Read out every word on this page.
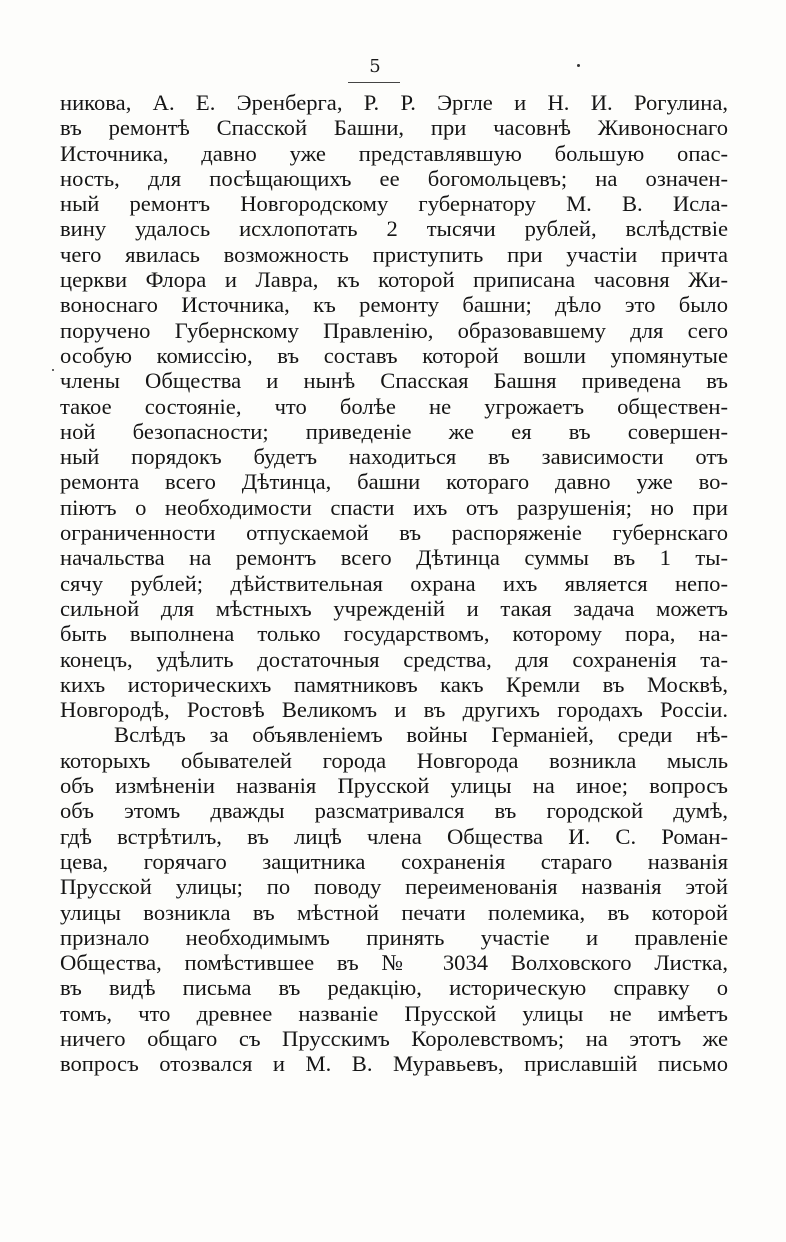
5
никова, А. Е. Эренберга, Р. Р. Эргле и Н. И. Рогулина,
въ ремонтѣ Спасской Башни, при часовнѣ Живоноснаго
Источника, давно уже представлявшую большую опас-
ность, для посѣщающихъ ее богомольцевъ; на означен-
ный ремонтъ Новгородскому губернатору М. В. Исла-
вину удалось исхлопотать 2 тысячи рублей, вслѣдствіе
чего явилась возможность приступить при участіи причта
церкви Флора и Лавра, къ которой приписана часовня Жи-
воноснаго Источника, къ ремонту башни; дѣло это было
поручено Губернскому Правленію, образовавшему для сего
особую комиссію, въ составъ которой вошли упомянутые
члены Общества и нынѣ Спасская Башня приведена въ
такое состояніе, что болѣе не угрожаетъ обществен-
ной безопасности; приведеніе же ея въ совершен-
ный порядокъ будетъ находиться въ зависимости отъ
ремонта всего Дѣтинца, башни котораго давно уже во-
піютъ о необходимости спасти ихъ отъ разрушенія; но при
ограниченности отпускаемой въ распоряженіе губернскаго
начальства на ремонтъ всего Дѣтинца суммы въ 1 ты-
сячу рублей; дѣйствительная охрана ихъ является непо-
сильной для мѣстныхъ учрежденій и такая задача можетъ
быть выполнена только государствомъ, которому пора, на-
конецъ, удѣлить достаточныя средства, для сохраненія та-
кихъ историческихъ памятниковъ какъ Кремли въ Москвѣ,
Новгородѣ, Ростовѣ Великомъ и въ другихъ городахъ Россіи.
Вслѣдъ за объявленіемъ войны Германіей, среди нѣ-
которыхъ обывателей города Новгорода возникла мысль
объ измѣненіи названія Прусской улицы на иное; вопросъ
объ этомъ дважды разсматривался въ городской думѣ,
гдѣ встрѣтилъ, въ лицѣ члена Общества И. С. Роман-
цева, горячаго защитника сохраненія стараго названія
Прусской улицы; по поводу переименованія названія этой
улицы возникла въ мѣстной печати полемика, въ которой
признало необходимымъ принять участіе и правленіе
Общества, помѣстившее въ № 3034 Волховского Листка,
въ видѣ письма въ редакцію, историческую справку о
томъ, что древнее названіе Прусской улицы не имѣетъ
ничего общаго съ Прусскимъ Королевствомъ; на этотъ же
вопросъ отозвался и М. В. Муравьевъ, приславшій письмо
